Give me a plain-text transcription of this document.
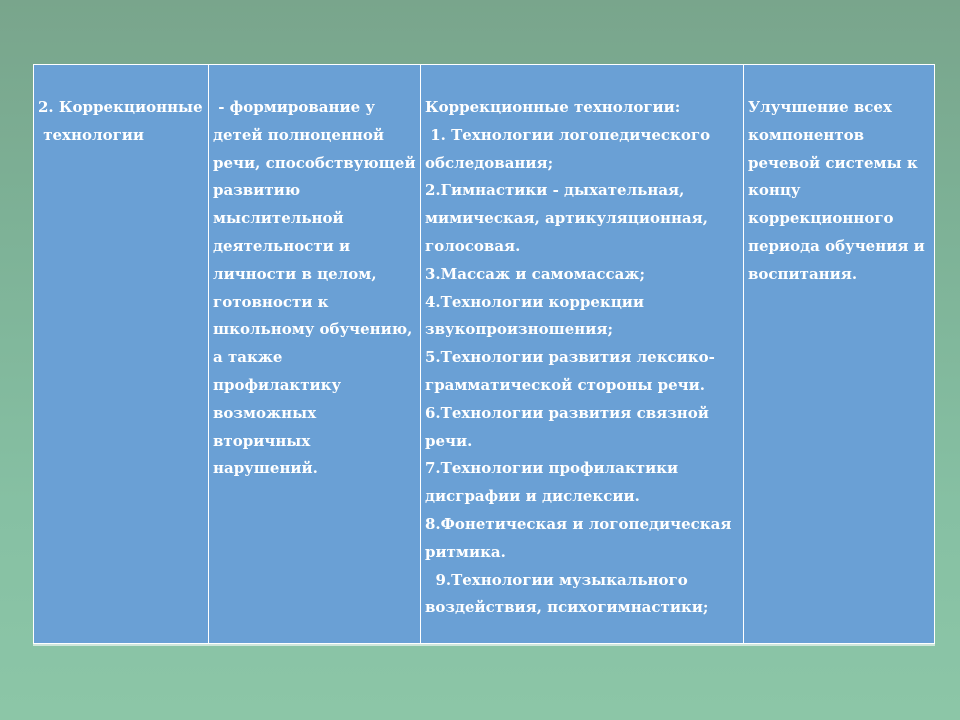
2. Коррекционные
технологии
- формирование у
детей полноценной
речи, способствующей
развитию
мыслительной
деятельности и
личности в целом,
готовности к
школьному обучению,
а также
профилактику
возможных
вторичных
нарушений.
Коррекционные технологии:
1. Технологии логопедического
обследования;
2.Гимнастики - дыхательная,
мимическая, артикуляционная,
голосовая.
3.Массаж и самомассаж;
4.Технологии коррекции
звукопроизношения;
5.Технологии развития лексико-
грамматической стороны речи.
6.Технологии развития связной
речи.
7.Технологии профилактики
дисграфии и дислексии.
8.Фонетическая и логопедическая
ритмика.
9.Технологии музыкального
воздействия, психогимнастики;
Улучшение всех
компонентов
речевой системы к
концу
коррекционного
периода обучения и
воспитания.
